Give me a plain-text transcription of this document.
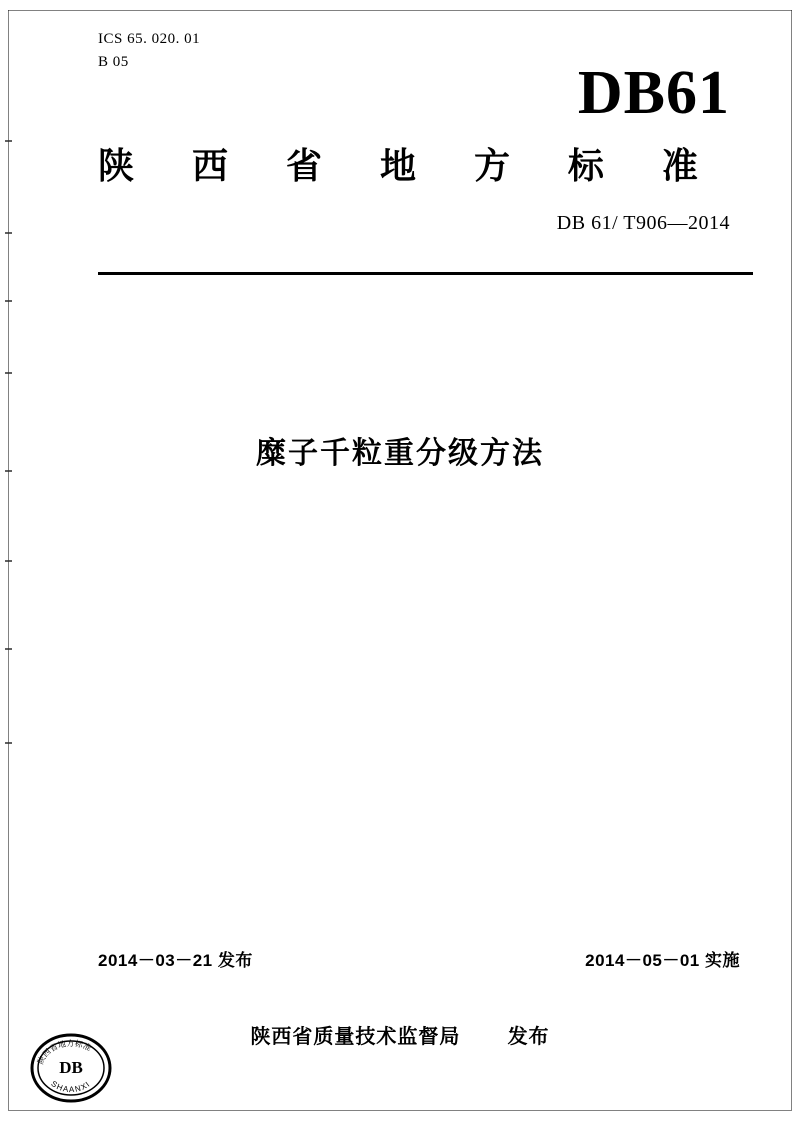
ICS 65. 020. 01
B 05	DB61
陕 西 省 地 方 标 准
DB 61/ T906—2014
糜子千粒重分级方法
2014－03－21 发布	2014－05－01 实施
陕西省质量技术监督局 发布
陕西省地方标准
DB
SHAANXI
